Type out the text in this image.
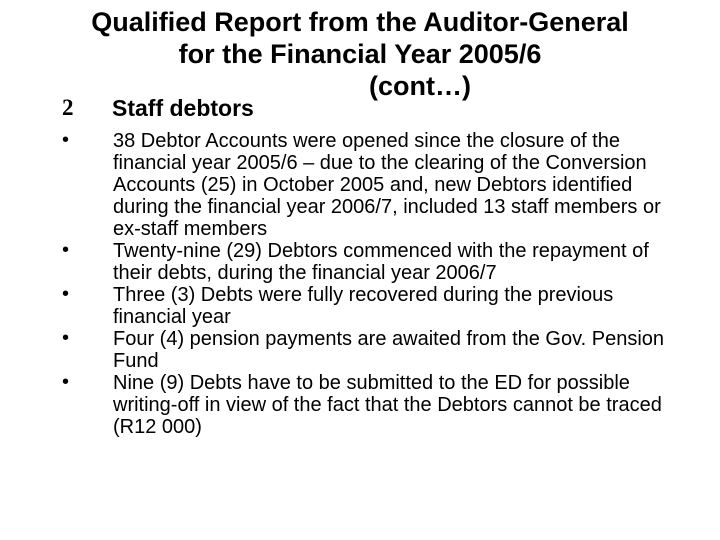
Qualified Report from the Auditor-General
for the Financial Year 2005/6
(cont…)
2 Staff debtors
• 38 Debtor Accounts were opened since the closure of the financial year 2005/6 – due to the clearing of the Conversion Accounts (25) in October 2005 and, new Debtors identified during the financial year 2006/7, included 13 staff members or ex-staff members
• Twenty-nine (29) Debtors commenced with the repayment of their debts, during the financial year 2006/7
• Three (3) Debts were fully recovered during the previous financial year
• Four (4) pension payments are awaited from the Gov. Pension Fund
• Nine (9) Debts have to be submitted to the ED for possible writing-off in view of the fact that the Debtors cannot be traced (R12 000)
